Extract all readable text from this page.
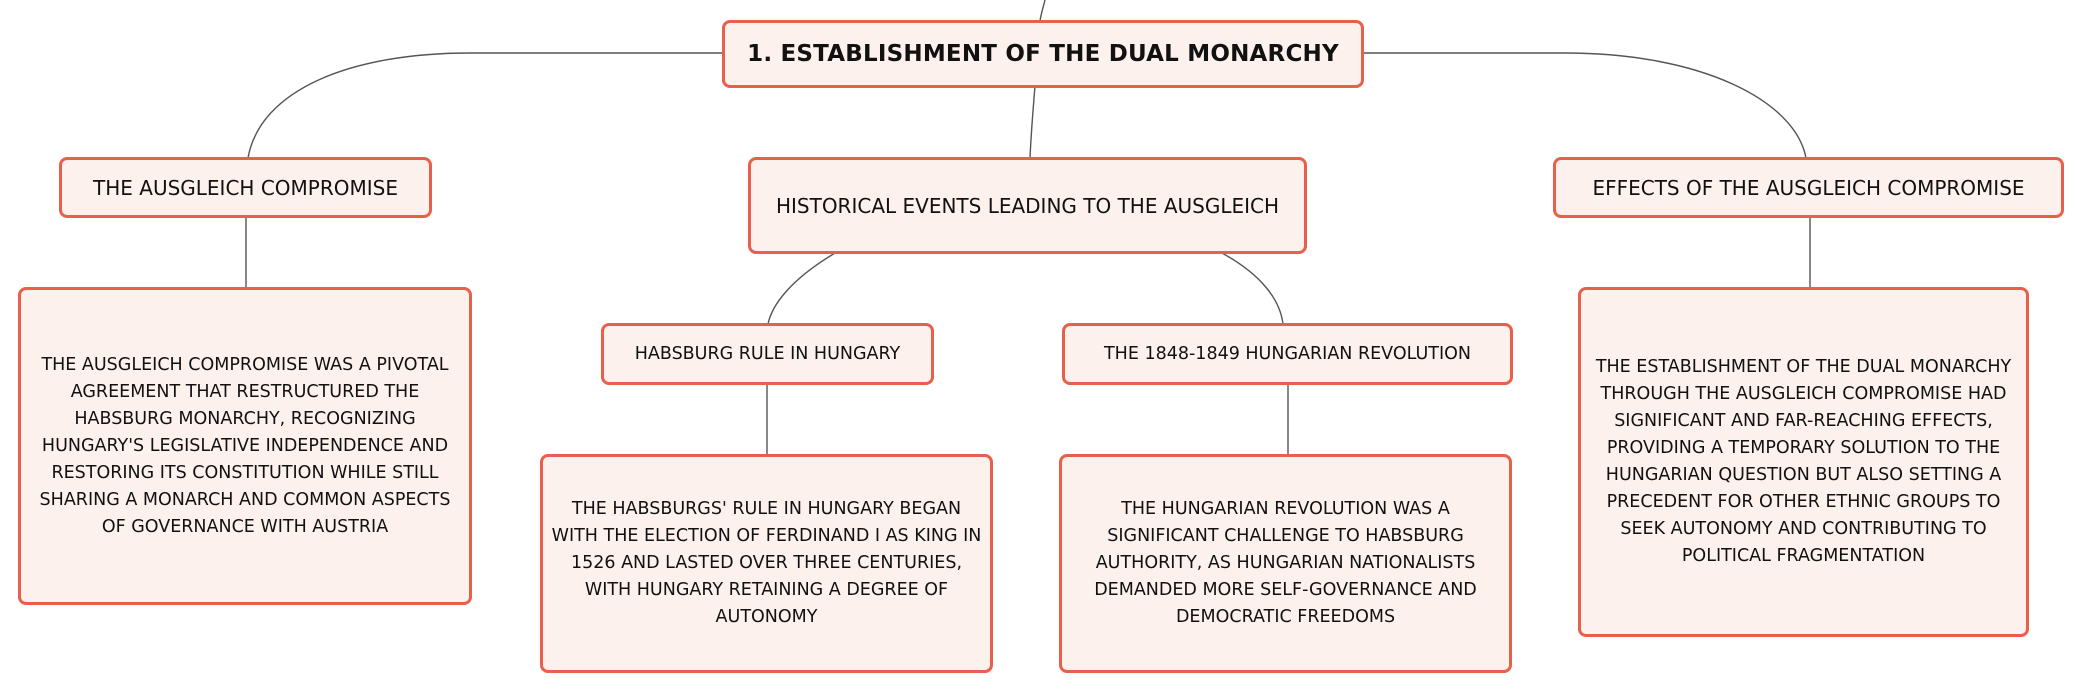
1. ESTABLISHMENT OF THE DUAL MONARCHY
THE AUSGLEICH COMPROMISE
HISTORICAL EVENTS LEADING TO THE AUSGLEICH
EFFECTS OF THE AUSGLEICH COMPROMISE
HABSBURG RULE IN HUNGARY	THE 1848-1849 HUNGARIAN REVOLUTION
THE AUSGLEICH COMPROMISE WAS A PIVOTAL AGREEMENT THAT RESTRUCTURED THE HABSBURG MONARCHY, RECOGNIZING HUNGARY'S LEGISLATIVE INDEPENDENCE AND RESTORING ITS CONSTITUTION WHILE STILL SHARING A MONARCH AND COMMON ASPECTS OF GOVERNANCE WITH AUSTRIA
THE HABSBURGS' RULE IN HUNGARY BEGAN WITH THE ELECTION OF FERDINAND I AS KING IN 1526 AND LASTED OVER THREE CENTURIES, WITH HUNGARY RETAINING A DEGREE OF AUTONOMY
THE HUNGARIAN REVOLUTION WAS A SIGNIFICANT CHALLENGE TO HABSBURG AUTHORITY, AS HUNGARIAN NATIONALISTS DEMANDED MORE SELF-GOVERNANCE AND DEMOCRATIC FREEDOMS
THE ESTABLISHMENT OF THE DUAL MONARCHY THROUGH THE AUSGLEICH COMPROMISE HAD SIGNIFICANT AND FAR-REACHING EFFECTS, PROVIDING A TEMPORARY SOLUTION TO THE HUNGARIAN QUESTION BUT ALSO SETTING A PRECEDENT FOR OTHER ETHNIC GROUPS TO SEEK AUTONOMY AND CONTRIBUTING TO POLITICAL FRAGMENTATION
